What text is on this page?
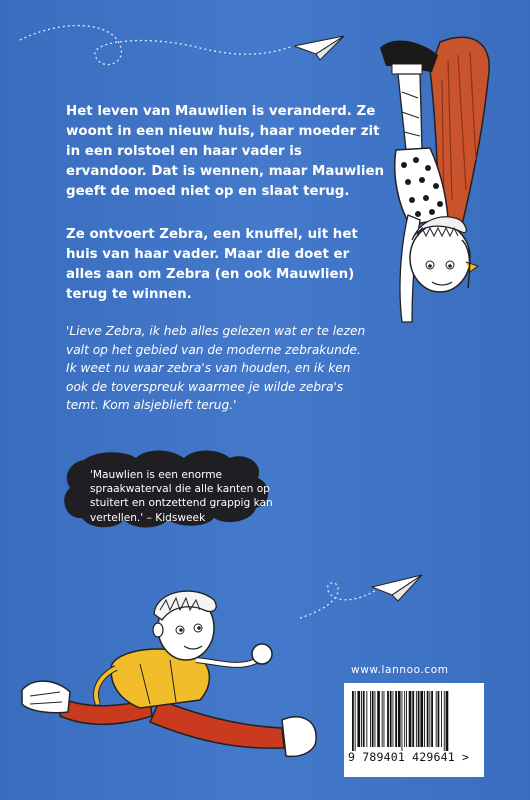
Het leven van Mauwlien is veranderd. Ze woont in een nieuw huis, haar moeder zit in een rolstoel en haar vader is ervandoor. Dat is wennen, maar Mauwlien geeft de moed niet op en slaat terug.

Ze ontvoert Zebra, een knuffel, uit het huis van haar vader. Maar die doet er alles aan om Zebra (en ook Mauwlien) terug te winnen.

'Lieve Zebra, ik heb alles gelezen wat er te lezen valt op het gebied van de moderne zebrakunde. Ik weet nu waar zebra's van houden, en ik ken ook de toverspreuk waarmee je wilde zebra's temt. Kom alsjeblieft terug.'

'Mauwlien is een enorme spraakwaterval die alle kanten op stuitert en ontzettend grappig kan vertellen.' – Kidsweek

www.lannoo.com
9 789401 429641 >
